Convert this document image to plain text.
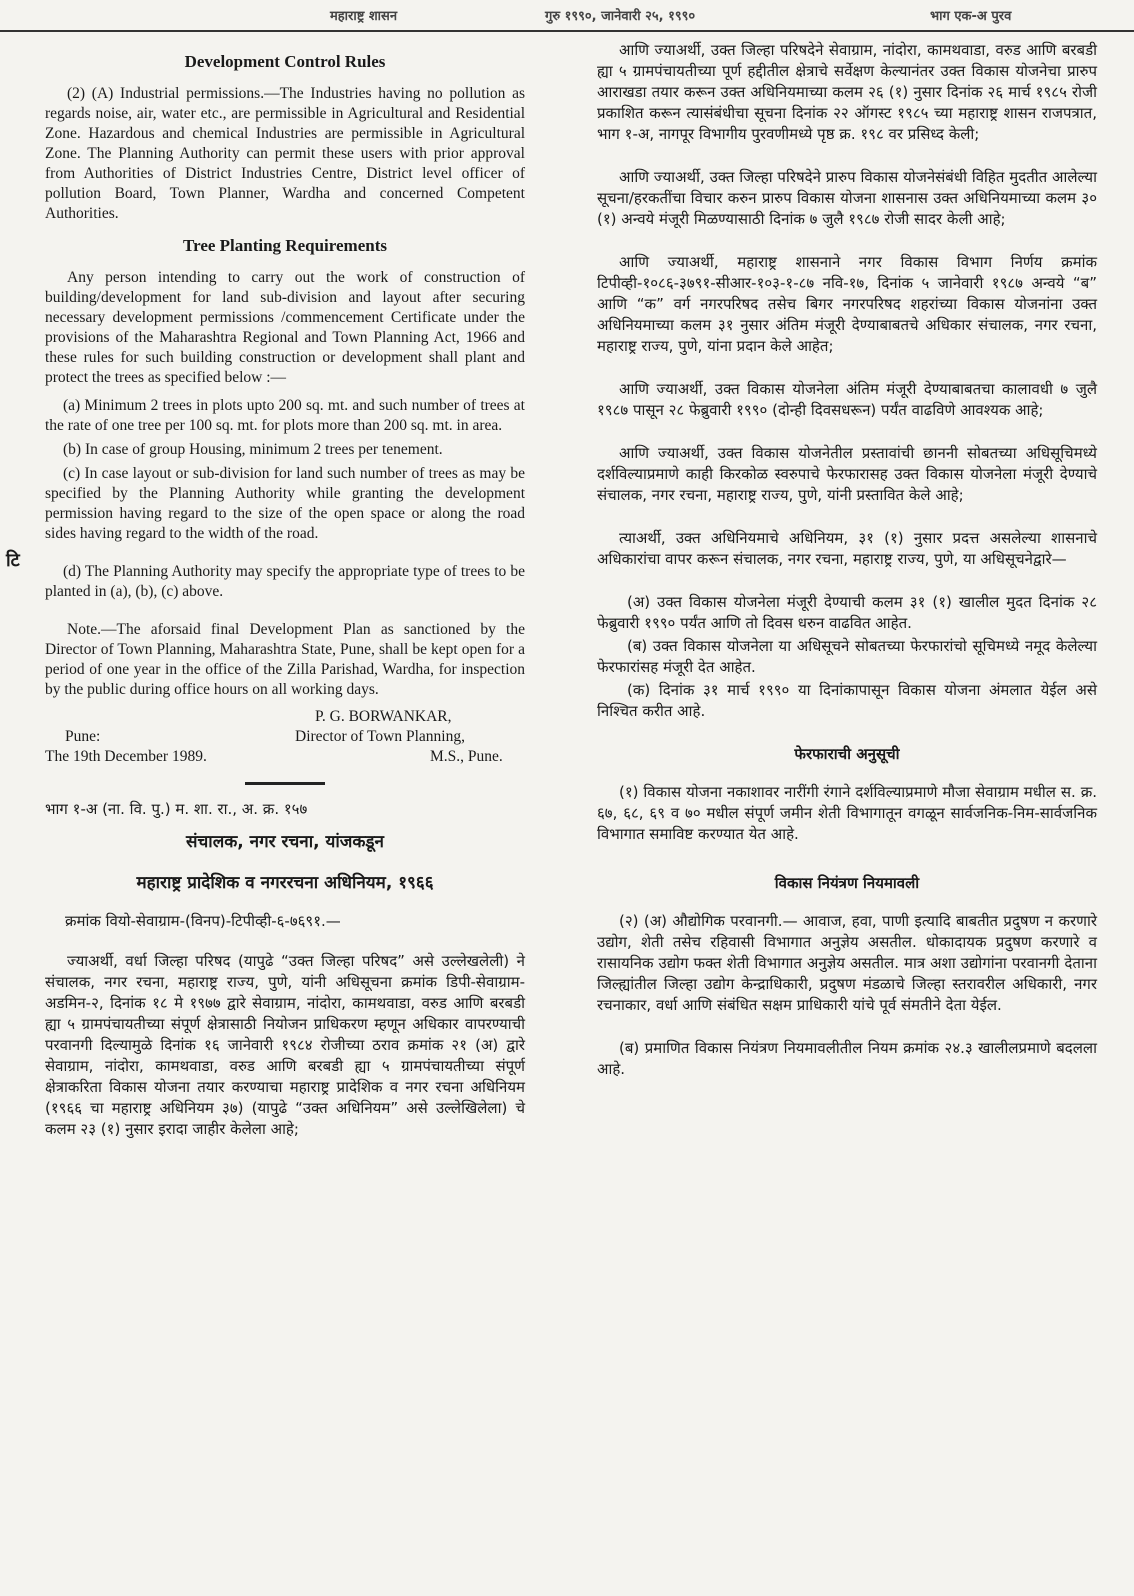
महाराष्ट्र शासन	गुरु १९९०, जानेवारी २५, १९९०	भाग एक-अ पुरव
टि
Development Control Rules

(2) (A) Industrial permissions.—The Industries having no pollution as regards noise, air, water etc., are permissible in Agricultural and Residential Zone. Hazardous and chemical Industries are permissible in Agricultural Zone. The Planning Authority can permit these users with prior approval from Authorities of District Industries Centre, District level officer of pollution Board, Town Planner, Wardha and concerned Competent Authorities.

Tree Planting Requirements

Any person intending to carry out the work of construction of building/development for land sub-division and layout after securing necessary development permissions /commencement Certificate under the provisions of the Maharashtra Regional and Town Planning Act, 1966 and these rules for such building construction or development shall plant and protect the trees as specified below :—

(a) Minimum 2 trees in plots upto 200 sq. mt. and such number of trees at the rate of one tree per 100 sq. mt. for plots more than 200 sq. mt. in area.

(b) In case of group Housing, minimum 2 trees per tenement.

(c) In case layout or sub-division for land such number of trees as may be specified by the Planning Authority while granting the development permission having regard to the size of the open space or along the road sides having regard to the width of the road.

(d) The Planning Authority may specify the appropriate type of trees to be planted in (a), (b), (c) above.

Note.—The aforsaid final Development Plan as sanctioned by the Director of Town Planning, Maharashtra State, Pune, shall be kept open for a period of one year in the office of the Zilla Parishad, Wardha, for inspection by the public during office hours on all working days.

P. G. BORWANKAR,
Pune:	Director of Town Planning,
The 19th December 1989.	M.S., Pune.
भाग १-अ (ना. वि. पु.) म. शा. रा., अ. क्र. १५७
संचालक, नगर रचना, यांजकडून
महाराष्ट्र प्रादेशिक व नगररचना अधिनियम, १९६६
क्रमांक वियो-सेवाग्राम-(विनप)-टिपीव्ही-६-७६९१.—

ज्याअर्थी, वर्धा जिल्हा परिषद (यापुढे “उक्त जिल्हा परिषद” असे उल्लेखलेली) ने संचालक, नगर रचना, महाराष्ट्र राज्य, पुणे, यांनी अधिसूचना क्रमांक डिपी-सेवाग्राम-अडमिन-२, दिनांक १८ मे १९७७ द्वारे सेवाग्राम, नांदोरा, कामथवाडा, वरुड आणि बरबडी ह्या ५ ग्रामपंचायतीच्या संपूर्ण क्षेत्रासाठी नियोजन प्राधिकरण म्हणून अधिकार वापरण्याची परवानगी दिल्यामुळे दिनांक १६ जानेवारी १९८४ रोजीच्या ठराव क्रमांक २१ (अ) द्वारे सेवाग्राम, नांदोरा, कामथवाडा, वरुड आणि बरबडी ह्या ५ ग्रामपंचायतीच्या संपूर्ण क्षेत्राकरिता विकास योजना तयार करण्याचा महाराष्ट्र प्रादेशिक व नगर रचना अधिनियम (१९६६ चा महाराष्ट्र अधिनियम ३७) (यापुढे “उक्त अधिनियम” असे उल्लेखिलेला) चे कलम २३ (१) नुसार इरादा जाहीर केलेला आहे;

आणि ज्याअर्थी, उक्त जिल्हा परिषदेने सेवाग्राम, नांदोरा, कामथवाडा, वरुड आणि बरबडी ह्या ५ ग्रामपंचायतीच्या पूर्ण हद्दीतील क्षेत्राचे सर्वेक्षण केल्यानंतर उक्त विकास योजनेचा प्रारुप आराखडा तयार करून उक्त अधिनियमाच्या कलम २६ (१) नुसार दिनांक २६ मार्च १९८५ रोजी प्रकाशित करून त्यासंबंधीचा सूचना दिनांक २२ ऑगस्ट १९८५ च्या महाराष्ट्र शासन राजपत्रात, भाग १-अ, नागपूर विभागीय पुरवणीमध्ये पृष्ठ क्र. १९८ वर प्रसिध्द केली;

आणि ज्याअर्थी, उक्त जिल्हा परिषदेने प्रारुप विकास योजनेसंबंधी विहित मुदतीत आलेल्या सूचना/हरकतींचा विचार करुन प्रारुप विकास योजना शासनास उक्त अधिनियमाच्या कलम ३० (१) अन्वये मंजूरी मिळण्यासाठी दिनांक ७ जुलै १९८७ रोजी सादर केली आहे;

आणि ज्याअर्थी, महाराष्ट्र शासनाने नगर विकास विभाग निर्णय क्रमांक टिपीव्ही-१०८६-३७९१-सीआर-१०३-१-८७ नवि-१७, दिनांक ५ जानेवारी १९८७ अन्वये “ब” आणि “क” वर्ग नगरपरिषद तसेच बिगर नगरपरिषद शहरांच्या विकास योजनांना उक्त अधिनियमाच्या कलम ३१ नुसार अंतिम मंजूरी देण्याबाबतचे अधिकार संचालक, नगर रचना, महाराष्ट्र राज्य, पुणे, यांना प्रदान केले आहेत;

आणि ज्याअर्थी, उक्त विकास योजनेला अंतिम मंजूरी देण्याबाबतचा कालावधी ७ जुलै १९८७ पासून २८ फेब्रुवारी १९९० (दोन्ही दिवसधरून) पर्यंत वाढविणे आवश्यक आहे;

आणि ज्याअर्थी, उक्त विकास योजनेतील प्रस्तावांची छाननी सोबतच्या अधिसूचिमध्ये दर्शविल्याप्रमाणे काही किरकोळ स्वरुपाचे फेरफारासह उक्त विकास योजनेला मंजूरी देण्याचे संचालक, नगर रचना, महाराष्ट्र राज्य, पुणे, यांनी प्रस्तावित केले आहे;

त्याअर्थी, उक्त अधिनियमाचे अधिनियम, ३१ (१) नुसार प्रदत्त असलेल्या शासनाचे अधिकारांचा वापर करून संचालक, नगर रचना, महाराष्ट्र राज्य, पुणे, या अधिसूचनेद्वारे—

(अ) उक्त विकास योजनेला मंजूरी देण्याची कलम ३१ (१) खालील मुदत दिनांक २८ फेब्रुवारी १९९० पर्यंत आणि तो दिवस धरुन वाढवित आहेत.

(ब) उक्त विकास योजनेला या अधिसूचने सोबतच्या फेरफारांचो सूचिमध्ये नमूद केलेल्या फेरफारांसह मंजूरी देत आहेत.

(क) दिनांक ३१ मार्च १९९० या दिनांकापासून विकास योजना अंमलात येईल असे निश्चित करीत आहे.

फेरफाराची अनुसूची

(१) विकास योजना नकाशावर नारींगी रंगाने दर्शविल्याप्रमाणे मौजा सेवाग्राम मधील स. क्र. ६७, ६८, ६९ व ७० मधील संपूर्ण जमीन शेती विभागातून वगळून सार्वजनिक-निम-सार्वजनिक विभागात समाविष्ट करण्यात येत आहे.

विकास नियंत्रण नियमावली

(२) (अ) औद्योगिक परवानगी.— आवाज, हवा, पाणी इत्यादि बाबतीत प्रदुषण न करणारे उद्योग, शेती तसेच रहिवासी विभागात अनुज्ञेय असतील. धोकादायक प्रदुषण करणारे व रासायनिक उद्योग फक्त शेती विभागात अनुज्ञेय असतील. मात्र अशा उद्योगांना परवानगी देताना जिल्ह्यांतील जिल्हा उद्योग केन्द्राधिकारी, प्रदुषण मंडळाचे जिल्हा स्तरावरील अधिकारी, नगर रचनाकार, वर्धा आणि संबंधित सक्षम प्राधिकारी यांचे पूर्व संमतीने देता येईल.

(ब) प्रमाणित विकास नियंत्रण नियमावलीतील नियम क्रमांक २४.३ खालीलप्रमाणे बदलला आहे.
